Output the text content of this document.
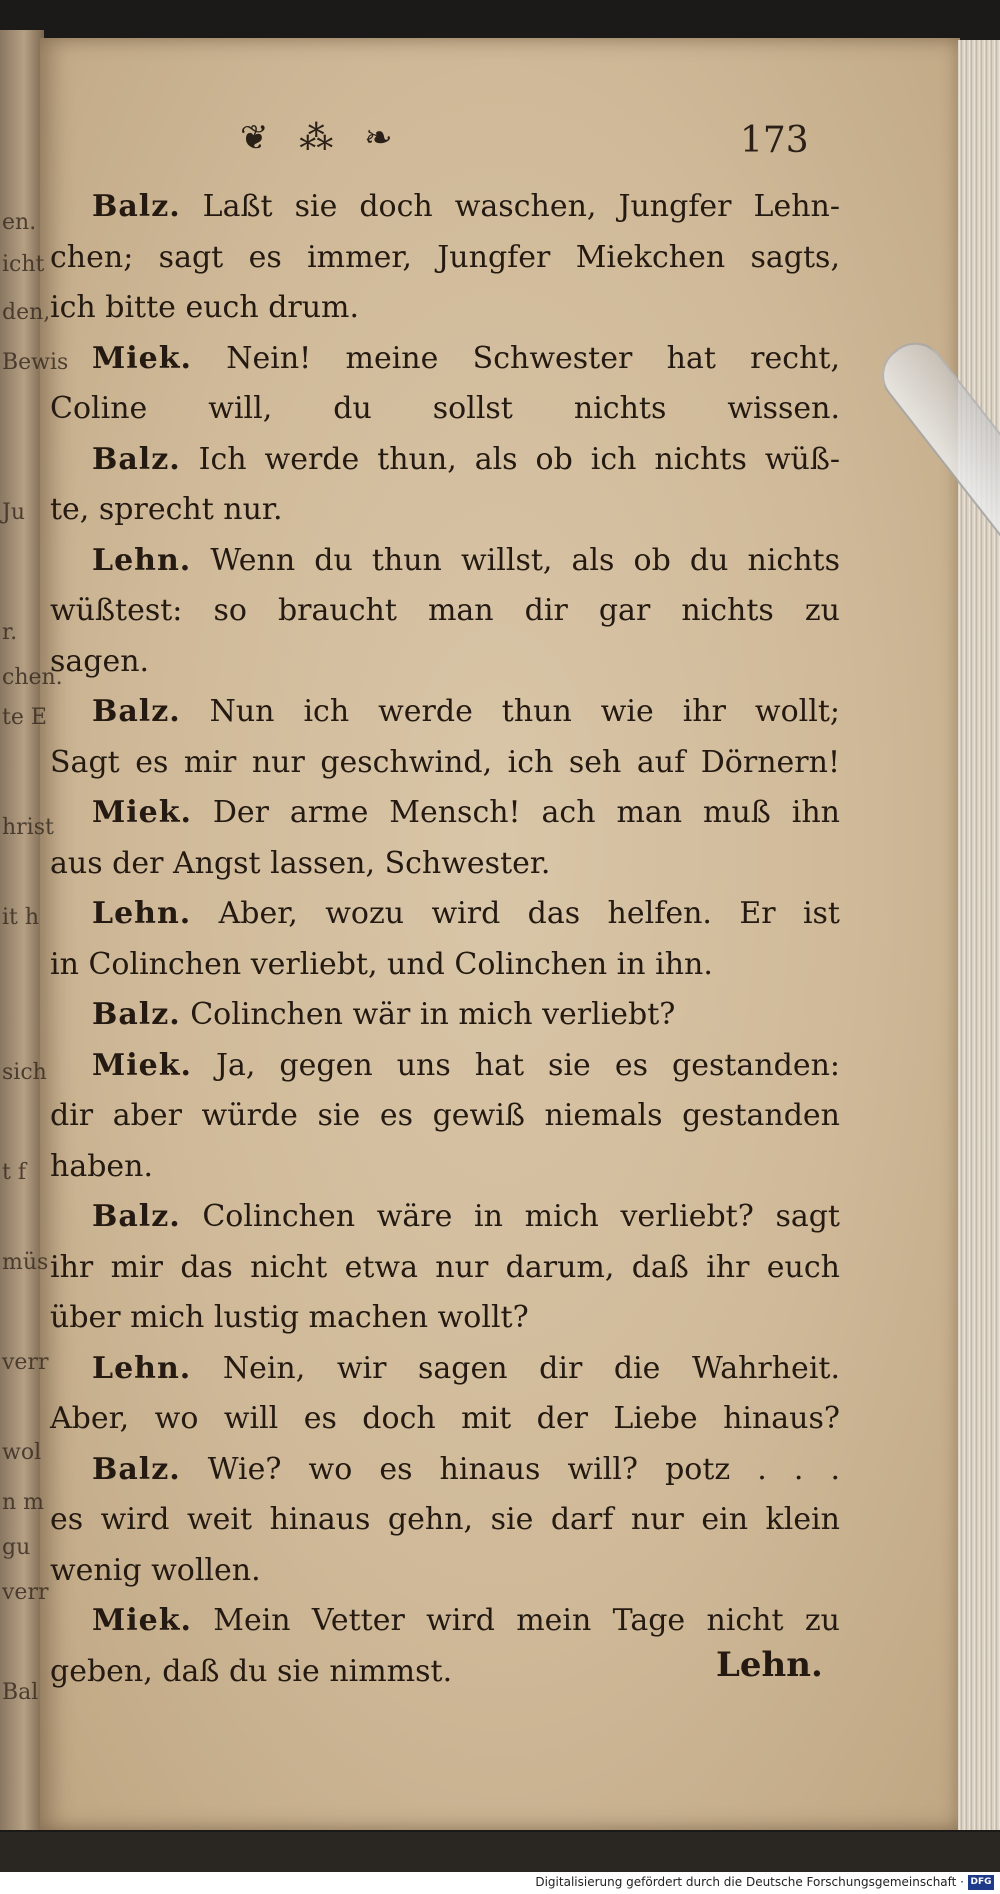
en.
icht
den,
Bewis
Ju
r.
chen.
te E
hrist
it h
sich
t f
müs
verr
wol
n m
gu
verr
Bal
❦ ⁂ ❧	173
Balz. Laßt sie doch waschen, Jungfer Lehn-
chen; sagt es immer, Jungfer Miekchen sagts,
ich bitte euch drum.
Miek. Nein! meine Schwester hat recht,
Coline will, du sollst nichts wissen.
Balz. Ich werde thun, als ob ich nichts wüß-
te, sprecht nur.
Lehn. Wenn du thun willst, als ob du nichts
wüßtest: so braucht man dir gar nichts zu
sagen.
Balz. Nun ich werde thun wie ihr wollt;
Sagt es mir nur geschwind, ich seh auf Dörnern!
Miek. Der arme Mensch! ach man muß ihn
aus der Angst lassen, Schwester.
Lehn. Aber, wozu wird das helfen. Er ist
in Colinchen verliebt, und Colinchen in ihn.
Balz. Colinchen wär in mich verliebt?
Miek. Ja, gegen uns hat sie es gestanden:
dir aber würde sie es gewiß niemals gestanden
haben.
Balz. Colinchen wäre in mich verliebt? sagt
ihr mir das nicht etwa nur darum, daß ihr euch
über mich lustig machen wollt?
Lehn. Nein, wir sagen dir die Wahrheit.
Aber, wo will es doch mit der Liebe hinaus?
Balz. Wie? wo es hinaus will? potz . . .
es wird weit hinaus gehn, sie darf nur ein klein
wenig wollen.
Miek. Mein Vetter wird mein Tage nicht zu
geben, daß du sie nimmst.	Lehn.
Digitalisierung gefördert durch die Deutsche Forschungsgemeinschaft · DFG
